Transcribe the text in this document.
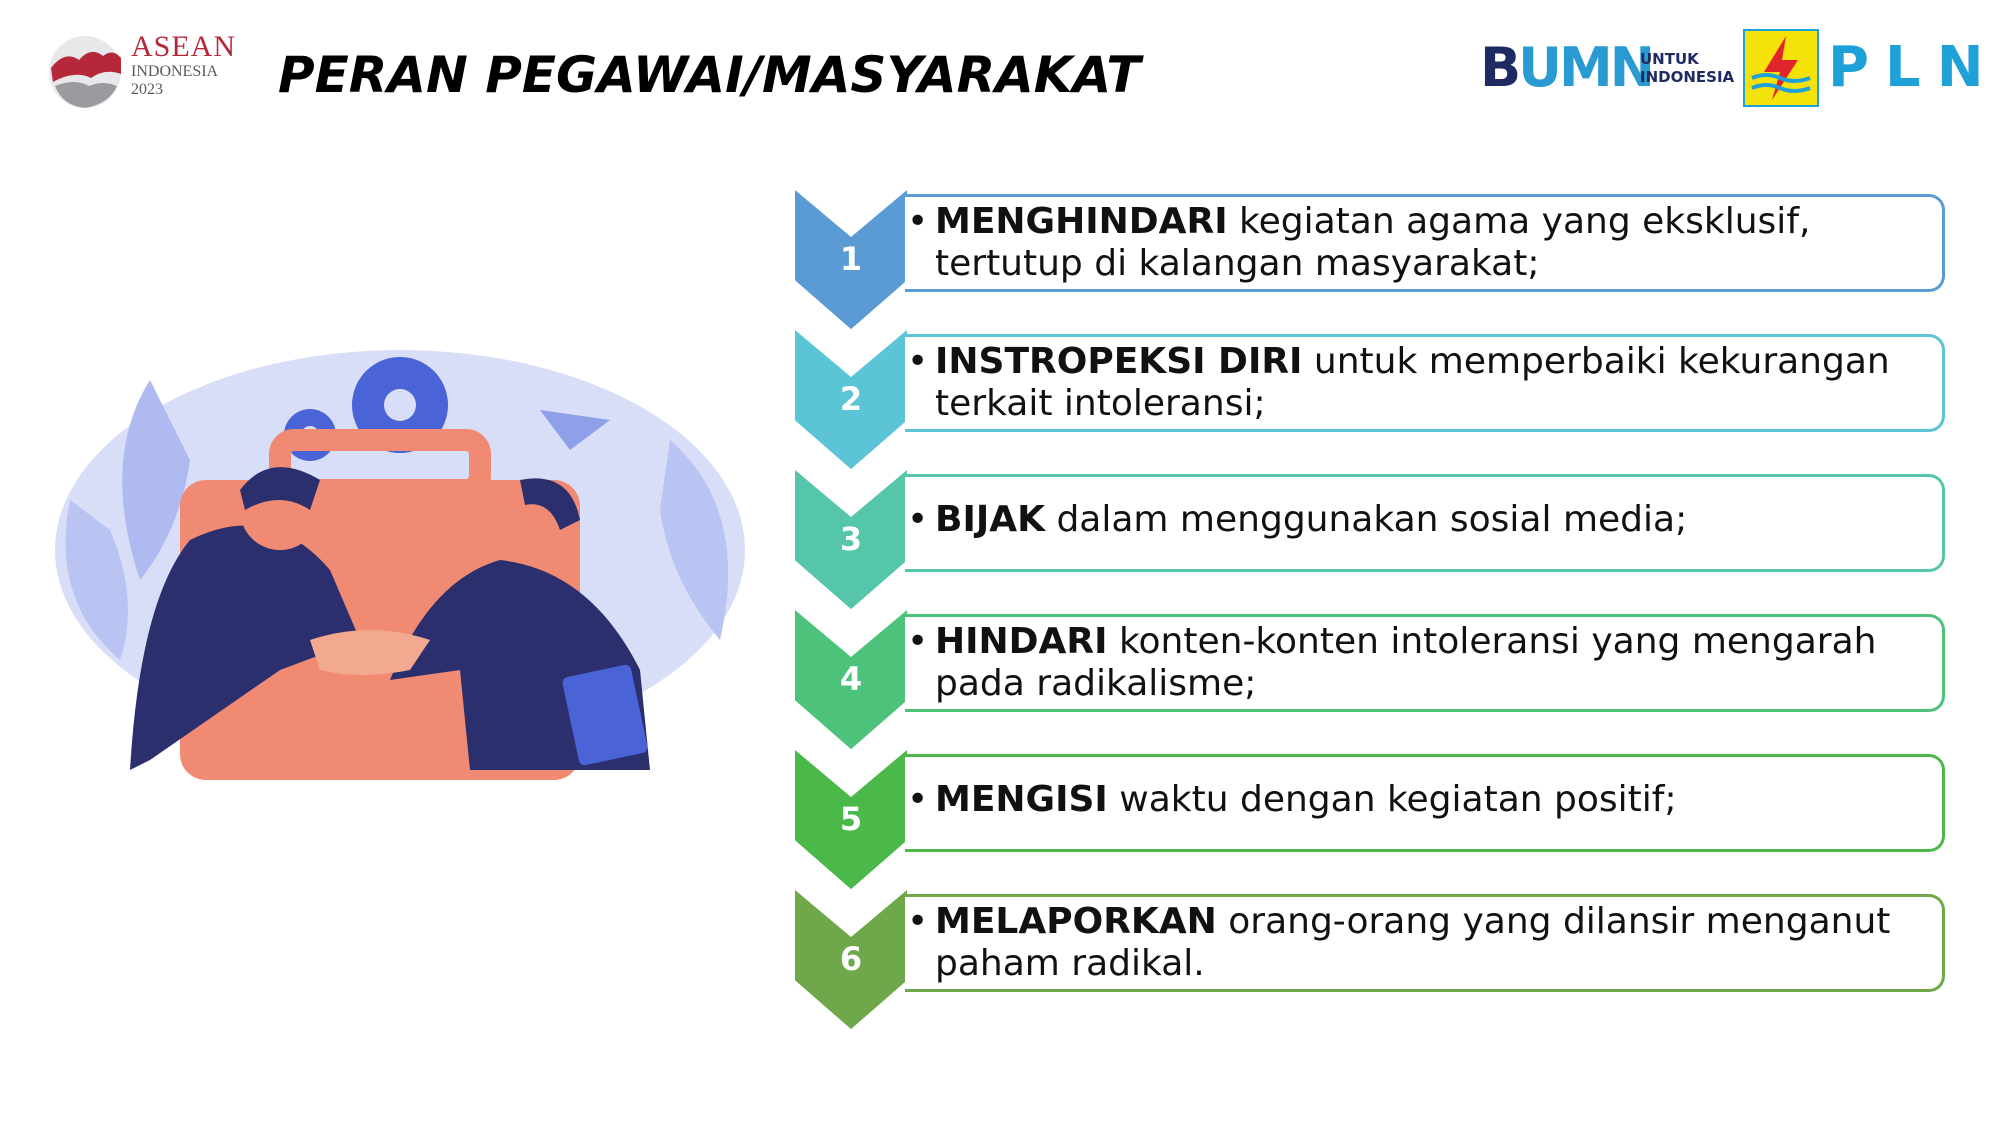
ASEAN
INDONESIA
2023	PERAN PEGAWAI/MASYARAKAT	BUMN
UNTUK
INDONESIA PLN
1
• MENGHINDARI kegiatan agama yang eksklusif, tertutup di kalangan masyarakat;
2
• INSTROPEKSI DIRI untuk memperbaiki kekurangan terkait intoleransi;
3	• BIJAK dalam menggunakan sosial media;
4
• HINDARI konten-konten intoleransi yang mengarah pada radikalisme;
5	• MENGISI waktu dengan kegiatan positif;
6
• MELAPORKAN orang-orang yang dilansir menganut paham radikal.
